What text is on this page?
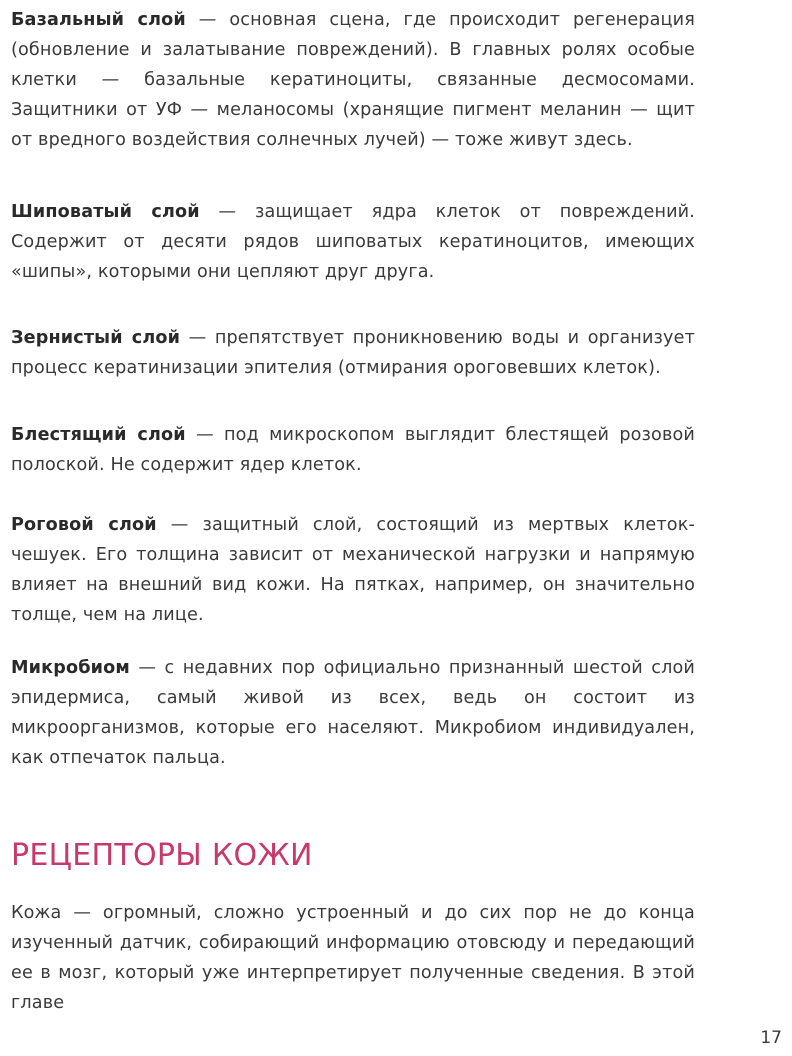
Базальный слой — основная сцена, где происходит регенерация (обновление и залатывание повреждений). В главных ролях особые клетки — базальные кератиноциты, связанные десмосомами. Защитники от УФ — меланосомы (хранящие пигмент меланин — щит от вредного воздействия солнечных лучей) — тоже живут здесь.

Шиповатый слой — защищает ядра клеток от повреждений. Содержит от десяти рядов шиповатых кератиноцитов, имеющих «шипы», которыми они цепляют друг друга.

Зернистый слой — препятствует проникновению воды и организует процесс кератинизации эпителия (отмирания ороговевших клеток).

Блестящий слой — под микроскопом выглядит блестящей розовой полоской. Не содержит ядер клеток.

Роговой слой — защитный слой, состоящий из мертвых клеток-чешуек. Его толщина зависит от механической нагрузки и напрямую влияет на внешний вид кожи. На пятках, например, он значительно толще, чем на лице.

Микробиом — с недавних пор официально признанный шестой слой эпидермиса, самый живой из всех, ведь он состоит из микроорганизмов, которые его населяют. Микробиом индивидуален, как отпечаток пальца.

РЕЦЕПТОРЫ КОЖИ

Кожа — огромный, сложно устроенный и до сих пор не до конца изученный датчик, собирающий информацию отовсюду и передающий ее в мозг, который уже интерпретирует полученные сведения. В этой главе

17
